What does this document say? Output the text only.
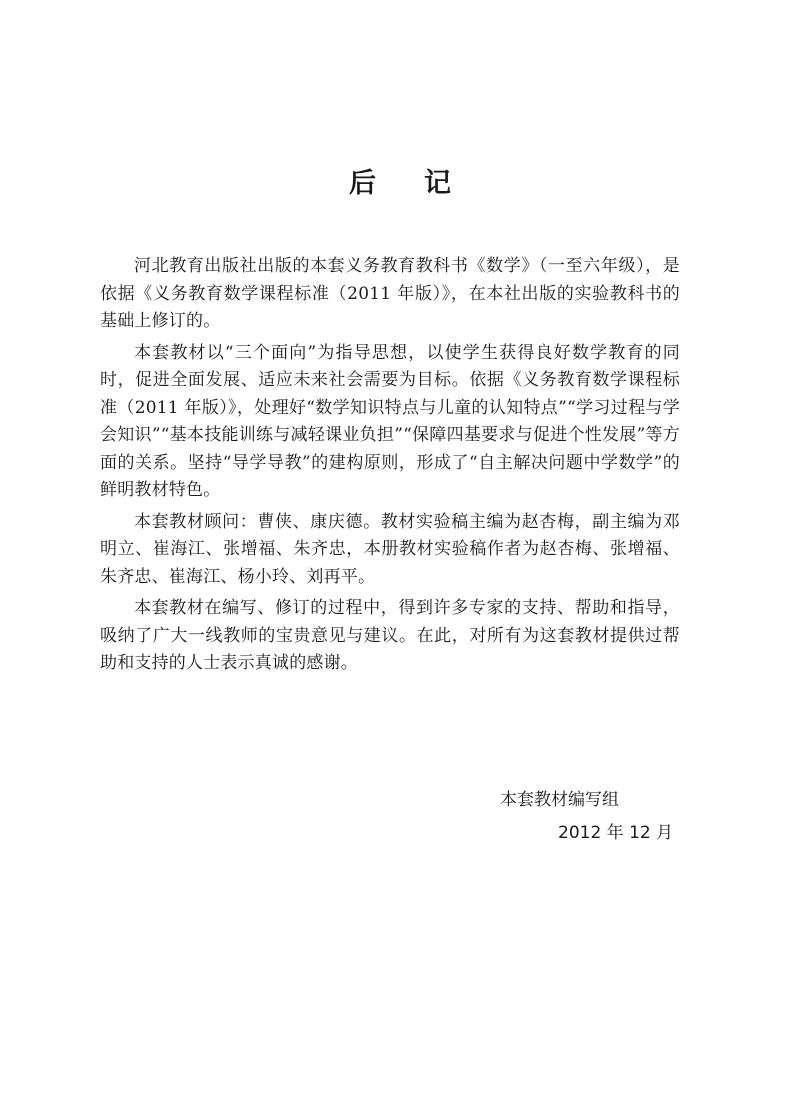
后 记

河北教育出版社出版的本套义务教育教科书《数学》（一至六年级），是依据《义务教育数学课程标准（2011 年版）》，在本社出版的实验教科书的基础上修订的。

本套教材以“三个面向”为指导思想，以使学生获得良好数学教育的同时，促进全面发展、适应未来社会需要为目标。依据《义务教育数学课程标准（2011 年版）》，处理好“数学知识特点与儿童的认知特点”“学习过程与学会知识”“基本技能训练与减轻课业负担”“保障四基要求与促进个性发展”等方面的关系。坚持“导学导教”的建构原则，形成了“自主解决问题中学数学”的鲜明教材特色。

本套教材顾问：曹侠、康庆德。教材实验稿主编为赵杏梅，副主编为邓明立、崔海江、张增福、朱齐忠，本册教材实验稿作者为赵杏梅、张增福、朱齐忠、崔海江、杨小玲、刘再平。

本套教材在编写、修订的过程中，得到许多专家的支持、帮助和指导，吸纳了广大一线教师的宝贵意见与建议。在此，对所有为这套教材提供过帮助和支持的人士表示真诚的感谢。

本套教材编写组
2012 年 12 月
